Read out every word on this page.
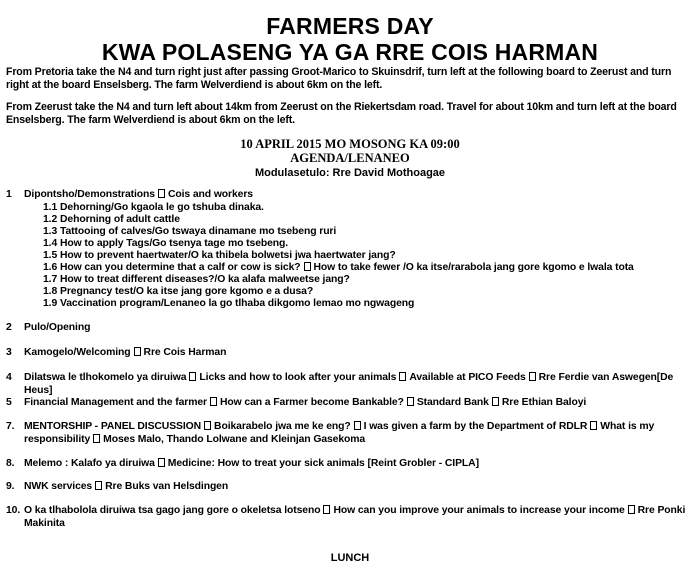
FARMERS DAY
KWA POLASENG YA GA RRE COIS HARMAN
From Pretoria take the N4 and turn right just after passing Groot-Marico to Skuinsdrif, turn left at the following board to Zeerust and turn right at the board Enselsberg. The farm Welverdiend is about 6km on the left.
From Zeerust take the N4 and turn left about 14km from Zeerust on the Riekertsdam road. Travel for about 10km and turn left at the board Enselsberg. The farm Welverdiend is about 6km on the left.
10 APRIL 2015 MO MOSONG KA 09:00
AGENDA/LENANEO
Modulasetulo: Rre David Mothoagae
1 Dipontsho/Demonstrations Cois and workers
1.1 Dehorning/Go kgaola le go tshuba dinaka.
1.2 Dehorning of adult cattle
1.3 Tattooing of calves/Go tswaya dinamane mo tsebeng ruri
1.4 How to apply Tags/Go tsenya tage mo tsebeng.
1.5 How to prevent haertwater/O ka thibela bolwetsi jwa haertwater jang?
1.6 How can you determine that a calf or cow is sick? How to take fewer /O ka itse/rarabola jang gore kgomo e lwala tota
1.7 How to treat different diseases?/O ka alafa malweetse jang?
1.8 Pregnancy test/O ka itse jang gore kgomo e a dusa?
1.9 Vaccination program/Lenaneo la go tlhaba dikgomo lemao mo ngwageng
2 Pulo/Opening
3 Kamogelo/Welcoming Rre Cois Harman
4 Dilatswa le tlhokomelo ya diruiwa Licks and how to look after your animals Available at PICO Feeds Rre Ferdie van Aswegen[De Heus]
5 Financial Management and the farmer How can a Farmer become Bankable? Standard Bank Rre Ethian Baloyi
7. MENTORSHIP - PANEL DISCUSSION Boikarabelo jwa me ke eng? I was given a farm by the Department of RDLR What is my responsibility Moses Malo, Thando Lolwane and Kleinjan Gasekoma
8. Melemo : Kalafo ya diruiwa Medicine: How to treat your sick animals [Reint Grobler - CIPLA]
9. NWK services Rre Buks van Helsdingen
10. O ka tlhabolola diruiwa tsa gago jang gore o okeletsa lotseno How can you improve your animals to increase your income Rre Ponki Makinita
LUNCH
